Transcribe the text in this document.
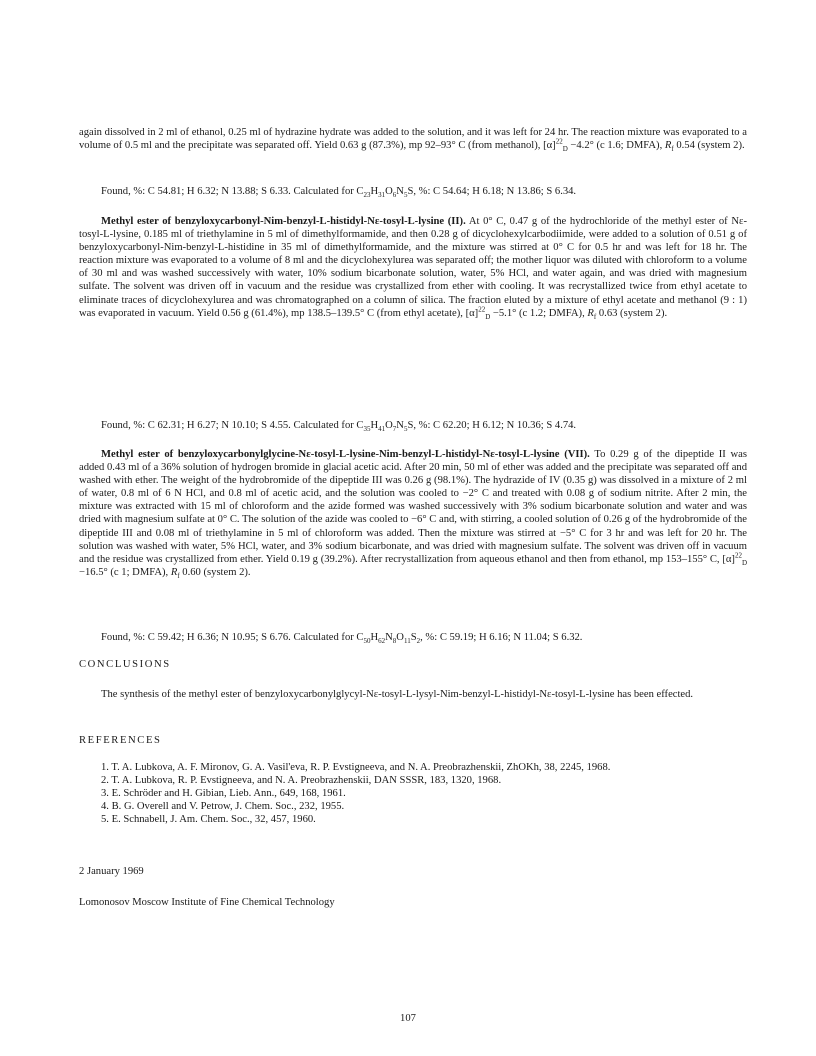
again dissolved in 2 ml of ethanol, 0.25 ml of hydrazine hydrate was added to the solution, and it was left for 24 hr. The reaction mixture was evaporated to a volume of 0.5 ml and the precipitate was separated off. Yield 0.63 g (87.3%), mp 92–93° C (from methanol), $[\alpha]^{22}_D -4.2^\circ$ (c 1.6; DMFA), $R_f$ 0.54 (system 2).

Found, %: C 54.81; H 6.32; N 13.88; S 6.33. Calculated for $C_{23}H_{31}O_6N_5S$, %: C 54.64; H 6.18; N 13.86; S 6.34.

Methyl ester of benzyloxycarbonyl-Nim-benzyl-L-histidyl-Nε-tosyl-L-lysine (II). At 0° C, 0.47 g of the hydrochloride of the methyl ester of Nε-tosyl-L-lysine, 0.185 ml of triethylamine in 5 ml of dimethylformamide, and then 0.28 g of dicyclohexylcarbodiimide, were added to a solution of 0.51 g of benzyloxycarbonyl-Nim-benzyl-L-histidine in 35 ml of dimethylformamide, and the mixture was stirred at 0° C for 0.5 hr and was left for 18 hr. The reaction mixture was evaporated to a volume of 8 ml and the dicyclohexylurea was separated off; the mother liquor was diluted with chloroform to a volume of 30 ml and was washed successively with water, 10% sodium bicarbonate solution, water, 5% HCl, and water again, and was dried with magnesium sulfate. The solvent was driven off in vacuum and the residue was crystallized from ether with cooling. It was recrystallized twice from ethyl acetate to eliminate traces of dicyclohexylurea and was chromatographed on a column of silica. The fraction eluted by a mixture of ethyl acetate and methanol (9 : 1) was evaporated in vacuum. Yield 0.56 g (61.4%), mp 138.5–139.5° C (from ethyl acetate), $[\alpha]^{22}_D -5.1^\circ$ (c 1.2; DMFA), $R_f$ 0.63 (system 2).

Found, %: C 62.31; H 6.27; N 10.10; S 4.55. Calculated for $C_{35}H_{41}O_7N_5S$, %: C 62.20; H 6.12; N 10.36; S 4.74.

Methyl ester of benzyloxycarbonylglycine-Nε-tosyl-L-lysine-Nim-benzyl-L-histidyl-Nε-tosyl-L-lysine (VII). To 0.29 g of the dipeptide II was added 0.43 ml of a 36% solution of hydrogen bromide in glacial acetic acid. After 20 min, 50 ml of ether was added and the precipitate was separated off and washed with ether. The weight of the hydrobromide of the dipeptide III was 0.26 g (98.1%). The hydrazide of IV (0.35 g) was dissolved in a mixture of 2 ml of water, 0.8 ml of 6 N HCl, and 0.8 ml of acetic acid, and the solution was cooled to −2° C and treated with 0.08 g of sodium nitrite. After 2 min, the mixture was extracted with 15 ml of chloroform and the azide formed was washed successively with 3% sodium bicarbonate solution and water and was dried with magnesium sulfate at 0° C. The solution of the azide was cooled to −6° C and, with stirring, a cooled solution of 0.26 g of the hydrobromide of the dipeptide III and 0.08 ml of triethylamine in 5 ml of chloroform was added. Then the mixture was stirred at −5° C for 3 hr and was left for 20 hr. The solution was washed with water, 5% HCl, water, and 3% sodium bicarbonate, and was dried with magnesium sulfate. The solvent was driven off in vacuum and the residue was crystallized from ether. Yield 0.19 g (39.2%). After recrystallization from aqueous ethanol and then from ethanol, mp 153–155° C, $[\alpha]^{22}_D -16.5^\circ$ (c 1; DMFA), $R_f$ 0.60 (system 2).

Found, %: C 59.42; H 6.36; N 10.95; S 6.76. Calculated for $C_{50}H_{62}N_8O_{11}S_2$, %: C 59.19; H 6.16; N 11.04; S 6.32.

CONCLUSIONS

The synthesis of the methyl ester of benzyloxycarbonylglycyl-Nε-tosyl-L-lysyl-Nim-benzyl-L-histidyl-Nε-tosyl-L-lysine has been effected.

REFERENCES

1. T. A. Lubkova, A. F. Mironov, G. A. Vasil'eva, R. P. Evstigneeva, and N. A. Preobrazhenskii, ZhOKh, 38, 2245, 1968.
2. T. A. Lubkova, R. P. Evstigneeva, and N. A. Preobrazhenskii, DAN SSSR, 183, 1320, 1968.
3. E. Schröder and H. Gibian, Lieb. Ann., 649, 168, 1961.
4. B. G. Overell and V. Petrow, J. Chem. Soc., 232, 1955.
5. E. Schnabell, J. Am. Chem. Soc., 32, 457, 1960.

2 January 1969

Lomonosov Moscow Institute of Fine Chemical Technology

107
